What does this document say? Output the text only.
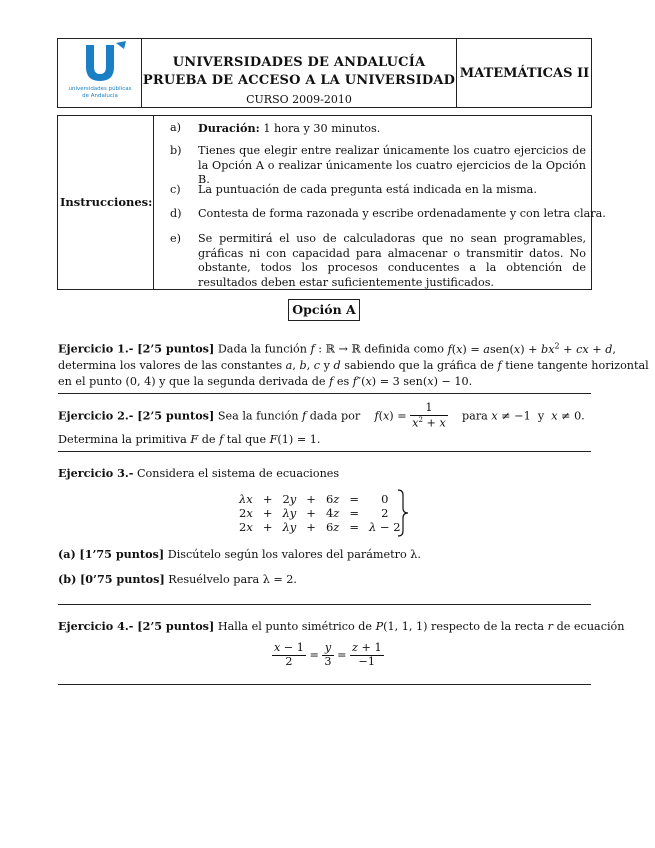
universidades públicas
de Andalucía
UNIVERSIDADES DE ANDALUCÍA
PRUEBA DE ACCESO A LA UNIVERSIDAD
CURSO 2009-2010
MATEMÁTICAS II
Instrucciones:
a)	Duración: 1 hora y 30 minutos.
b)	Tienes que elegir entre realizar únicamente los cuatro ejercicios de la Opción A o realizar únicamente los cuatro ejercicios de la Opción B.
c)	La puntuación de cada pregunta está indicada en la misma.
d)	Contesta de forma razonada y escribe ordenadamente y con letra clara.
e)	Se permitirá el uso de calculadoras que no sean programables, gráficas ni con capacidad para almacenar o transmitir datos. No obstante, todos los procesos conducentes a la obtención de resultados deben estar suficientemente justificados.
Opción A
Ejercicio 1.- [2’5 puntos] Dada la función f : ℝ → ℝ definida como f(x) = asen(x) + $bx^2$ + cx + d,
determina los valores de las constantes a, b, c y d sabiendo que la gráfica de f tiene tangente horizontal
en el punto (0, 4) y que la segunda derivada de f es f″(x) = 3 sen(x) − 10.
Ejercicio 2.- [2’5 puntos] Sea la función f dada por $f(x) = \frac{1}{x^2 + x}$ para x ≠ −1  y x ≠ 0.
Determina la primitiva F de f tal que F(1) = 1.
Ejercicio 3.- Considera el sistema de ecuaciones
λx	+	2y	+	6z	=	0
2x	+	λy	+	4z	=	2
2x	+	λy	+	6z	=	λ − 2
(a) [1’75 puntos] Discútelo según los valores del parámetro λ.
(b) [0’75 puntos] Resuélvelo para λ = 2.
Ejercicio 4.- [2’5 puntos] Halla el punto simétrico de P(1, 1, 1) respecto de la recta r de ecuación
$\frac{x - 1}{2} = \frac{y}{3} = \frac{z + 1}{-1}$
